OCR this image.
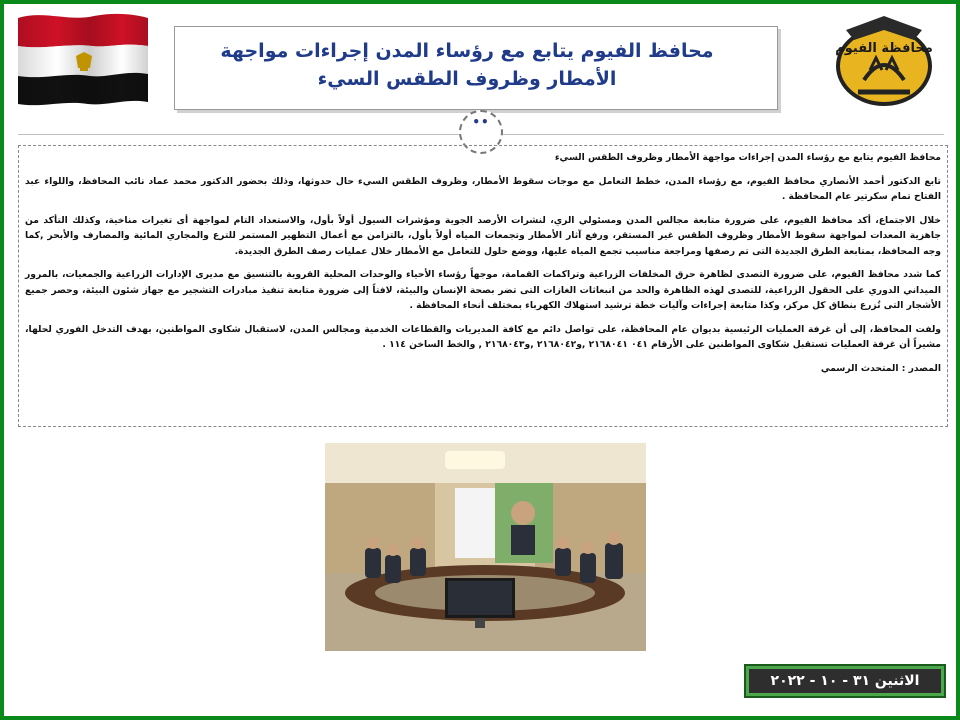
محافظة الفيوم
محافظ الفيوم يتابع مع رؤساء المدن إجراءات مواجهة الأمطار وظروف الطقس السيء
••

محافظ الفيوم يتابع مع رؤساء المدن إجراءات مواجهة الأمطار وظروف الطقس السيء

تابع الدكتور أحمد الأنصاري محافظ الفيوم، مع رؤساء المدن، خطط التعامل مع موجات سقوط الأمطار، وظروف الطقس السيء حال حدوثها، وذلك بحضور الدكتور محمد عماد نائب المحافظ، واللواء عبد الفتاح تمام سكرتير عام المحافظة .

خلال الاجتماع، أكد محافظ الفيوم، على ضرورة متابعة مجالس المدن ومسئولي الري، لنشرات الأرصد الجوية ومؤشرات السيول أولاً بأول، والاستعداد التام لمواجهة أى تغيرات مناخية، وكذلك التأكد من جاهزية المعدات لمواجهة سقوط الأمطار وظروف الطقس غير المستقر، ورفع آثار الأمطار وتجمعات المياه أولاً بأول، بالتزامن مع أعمال التطهير المستمر للترع والمجاري المائية والمصارف والأبحر ,كما وجه المحافظ، بمتابعة الطرق الجديدة التى تم رصفها ومراجعة مناسيب تجمع المياه عليها، ووضع حلول للتعامل مع الأمطار خلال عمليات رصف الطرق الجديدة.

كما شدد محافظ الفيوم، على ضرورة التصدى لظاهرة حرق المخلفات الزراعية وتراكمات القمامة، موجهاً رؤساء الأحياء والوحدات المحلية القروية بالتنسيق مع مديرى الإدارات الزراعية والجمعيات، بالمرور الميداني الدوري على الحقول الزراعية، للتصدى لهذه الظاهرة والحد من انبعاثات الغازات التى تضر بصحة الإنسان والبيئة، لافتاً إلى ضرورة متابعة تنفيذ مبادرات التشجير مع جهاز شئون البيئة، وحصر جميع الأشجار التى تُزرع بنطاق كل مركز، وكذا متابعة إجراءات وآليات خطة ترشيد استهلاك الكهرباء بمختلف أنحاء المحافظة .

ولفت المحافظ، إلى أن غرفة العمليات الرئيسية بديوان عام المحافظة، على تواصل دائم مع كافة المديريات والقطاعات الخدمية ومجالس المدن، لاستقبال شكاوى المواطنين، بهدف التدخل الفوري لحلها، مشيراً أن غرفة العمليات تستقبل شكاوى المواطنين على الأرقام ٠٤١ ٢١٦٨٠٤١ ,و٢١٦٨٠٤٢ ,و٢١٦٨٠٤٣ , والخط الساخن ١١٤ .

المصدر : المتحدث الرسمي

الاثنين ٣١ - ١٠ - ٢٠٢٢
